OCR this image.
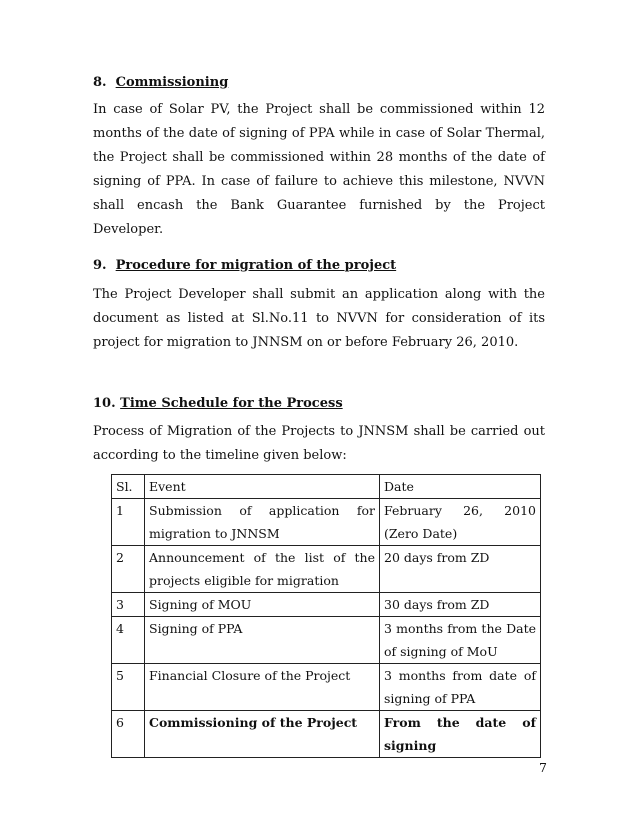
8. Commissioning
In case of Solar PV, the Project shall be commissioned within 12 months of the date of signing of PPA while in case of Solar Thermal, the Project shall be commissioned within 28 months of the date of signing of PPA. In case of failure to achieve this milestone, NVVN shall encash the Bank Guarantee furnished by the Project Developer.
9. Procedure for migration of the project
The Project Developer shall submit an application along with the document as listed at Sl.No.11 to NVVN for consideration of its project for migration to JNNSM on or before February 26, 2010.
10. Time Schedule for the Process
Process of Migration of the Projects to JNNSM shall be carried out according to the timeline given below:
Sl.	Event	Date
1	Submission of application for migration to JNNSM	February 26, 2010 (Zero Date)
2	Announcement of the list of the projects eligible for migration	20 days from ZD
3	Signing of MOU	30 days from ZD
4	Signing of PPA	3 months from the Date of signing of MoU
5	Financial Closure of the Project	3 months from date of signing of PPA
6	Commissioning of the Project	From the date of signing
7
